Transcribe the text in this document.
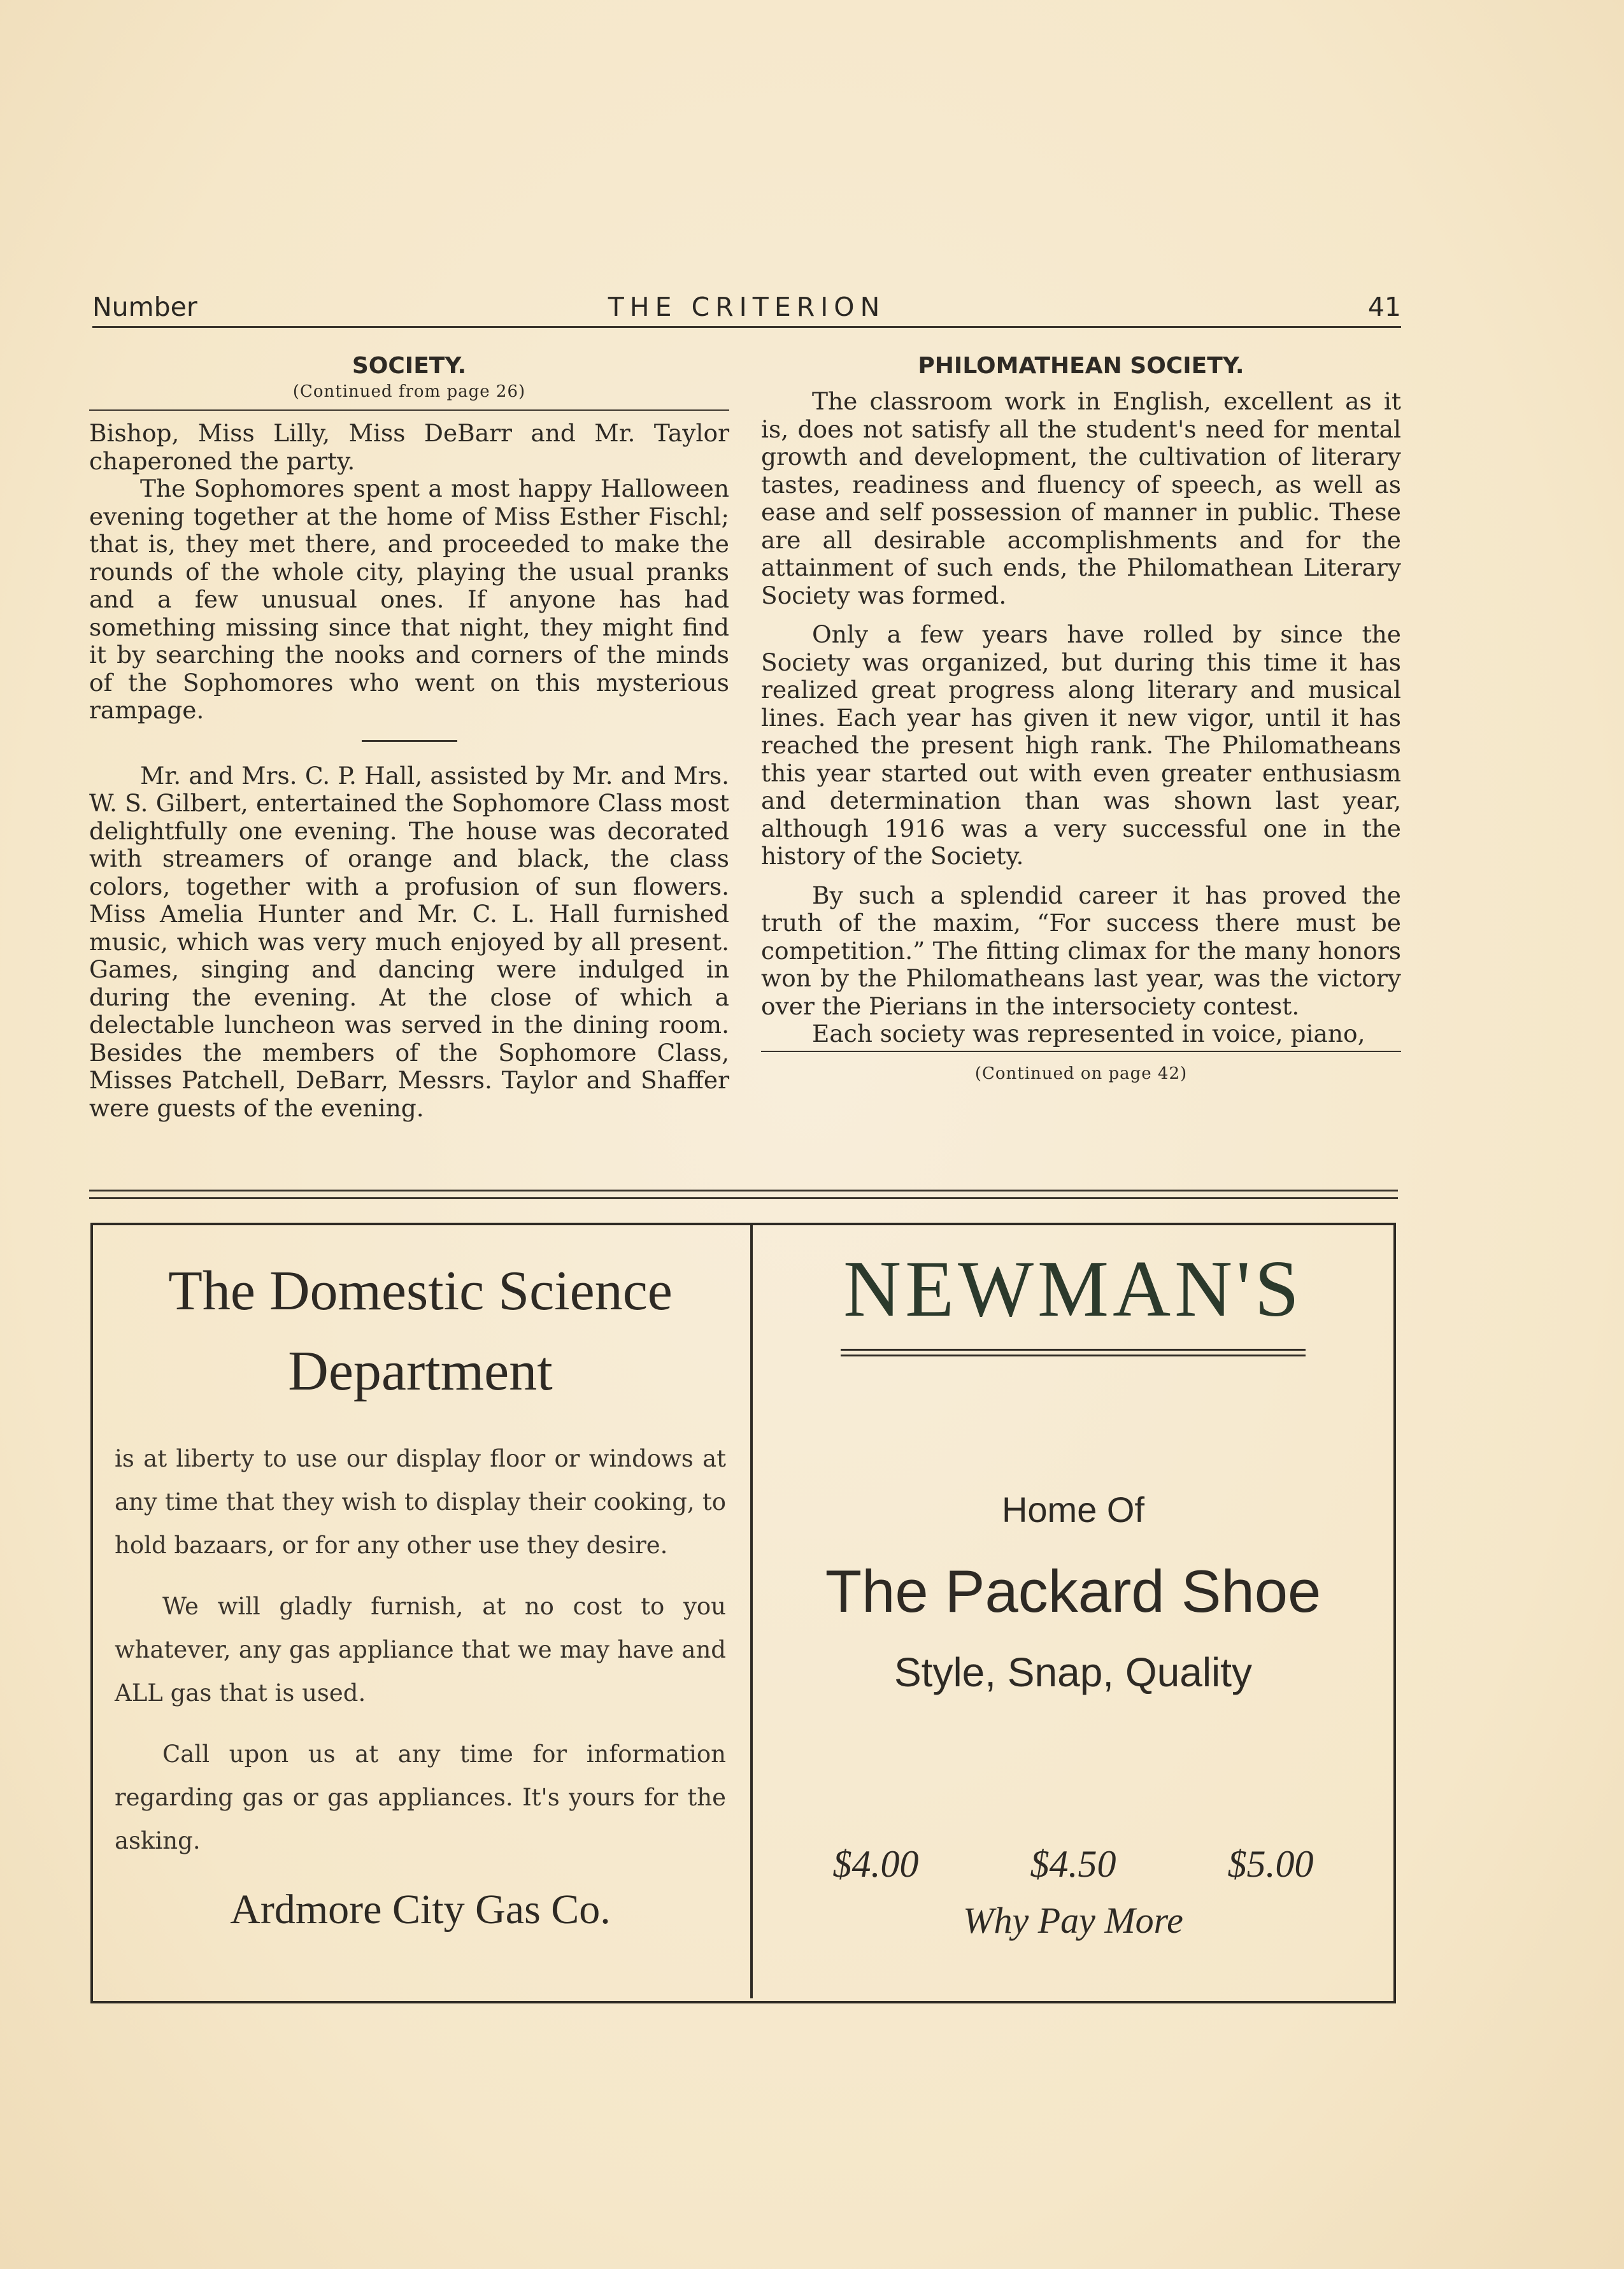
Number	THE CRITERION	41

SOCIETY.

(Continued from page 26)

Bishop, Miss Lilly, Miss DeBarr and Mr. Taylor chaperoned the party.

The Sophomores spent a most happy Halloween evening together at the home of Miss Esther Fischl; that is, they met there, and proceeded to make the rounds of the whole city, playing the usual pranks and a few unusual ones. If anyone has had something missing since that night, they might find it by searching the nooks and corners of the minds of the Sophomores who went on this mysterious rampage.

Mr. and Mrs. C. P. Hall, assisted by Mr. and Mrs. W. S. Gilbert, entertained the Sophomore Class most delightfully one evening. The house was decorated with streamers of orange and black, the class colors, together with a profusion of sun flowers. Miss Amelia Hunter and Mr. C. L. Hall furnished music, which was very much enjoyed by all present. Games, singing and dancing were indulged in during the evening. At the close of which a delectable luncheon was served in the dining room. Besides the members of the Sophomore Class, Misses Patchell, DeBarr, Messrs. Taylor and Shaffer were guests of the evening.

PHILOMATHEAN SOCIETY.

The classroom work in English, excellent as it is, does not satisfy all the student's need for mental growth and development, the cultivation of literary tastes, readiness and fluency of speech, as well as ease and self possession of manner in public. These are all desirable accomplishments and for the attainment of such ends, the Philomathean Literary Society was formed.

Only a few years have rolled by since the Society was organized, but during this time it has realized great progress along literary and musical lines. Each year has given it new vigor, until it has reached the present high rank. The Philomatheans this year started out with even greater enthusiasm and determination than was shown last year, although 1916 was a very successful one in the history of the Society.

By such a splendid career it has proved the truth of the maxim, “For success there must be competition.” The fitting climax for the many honors won by the Philomatheans last year, was the victory over the Pierians in the intersociety contest.

Each society was represented in voice, piano,

(Continued on page 42)

The Domestic Science Department

is at liberty to use our display floor or windows at any time that they wish to display their cooking, to hold bazaars, or for any other use they desire.

We will gladly furnish, at no cost to you whatever, any gas appliance that we may have and ALL gas that is used.

Call upon us at any time for information regarding gas or gas appliances. It's yours for the asking.

Ardmore City Gas Co.

NEWMAN'S

Home Of
The Packard Shoe
Style, Snap, Quality
$4.00	$4.50	$5.00
Why Pay More
